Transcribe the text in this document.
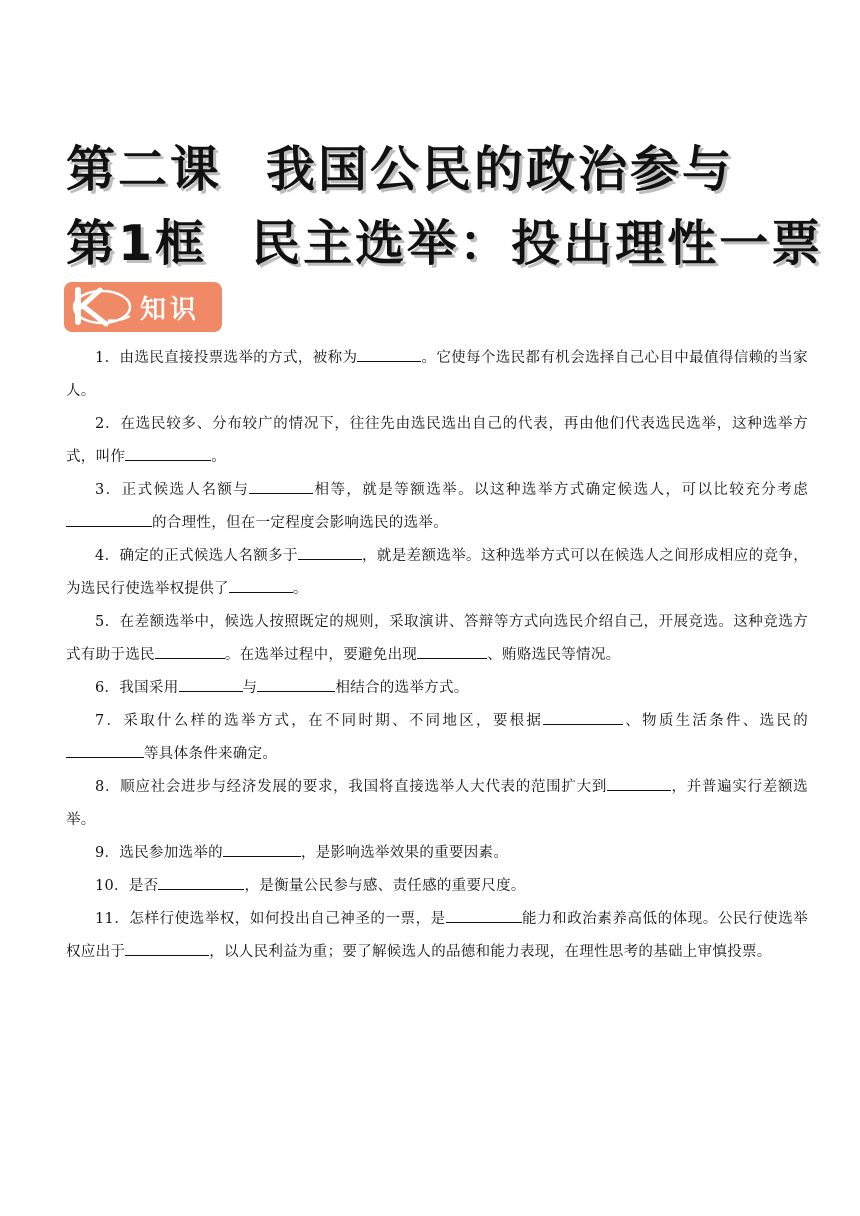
第二课 我国公民的政治参与
第1框 民主选举：投出理性一票
知识

1．由选民直接投票选举的方式，被称为	。它使每个选民都有机会选择自己心目中最值得信赖的当家人。

2．在选民较多、分布较广的情况下，往往先由选民选出自己的代表，再由他们代表选民选举，这种选举方式，叫作	。

3．正式候选人名额与	相等，就是等额选举。以这种选举方式确定候选人，可以比较充分考虑的合理性，但在一定程度会影响选民的选举。

4．确定的正式候选人名额多于	，就是差额选举。这种选举方式可以在候选人之间形成相应的竞争，为选民行使选举权提供了	。

5．在差额选举中，候选人按照既定的规则，采取演讲、答辩等方式向选民介绍自己，开展竞选。这种竞选方式有助于选民	。在选举过程中，要避免出现	、贿赂选民等情况。

6．我国采用	与	相结合的选举方式。

7．采取什么样的选举方式，在不同时期、不同地区，要根据	、物质生活条件、选民的等具体条件来确定。

8．顺应社会进步与经济发展的要求，我国将直接选举人大代表的范围扩大到	，并普遍实行差额选举。

9．选民参加选举的	，是影响选举效果的重要因素。

10．是否	，是衡量公民参与感、责任感的重要尺度。

11．怎样行使选举权，如何投出自己神圣的一票，是	能力和政治素养高低的体现。公民行使选举权应出于	，以人民利益为重；要了解候选人的品德和能力表现，在理性思考的基础上审慎投票。
